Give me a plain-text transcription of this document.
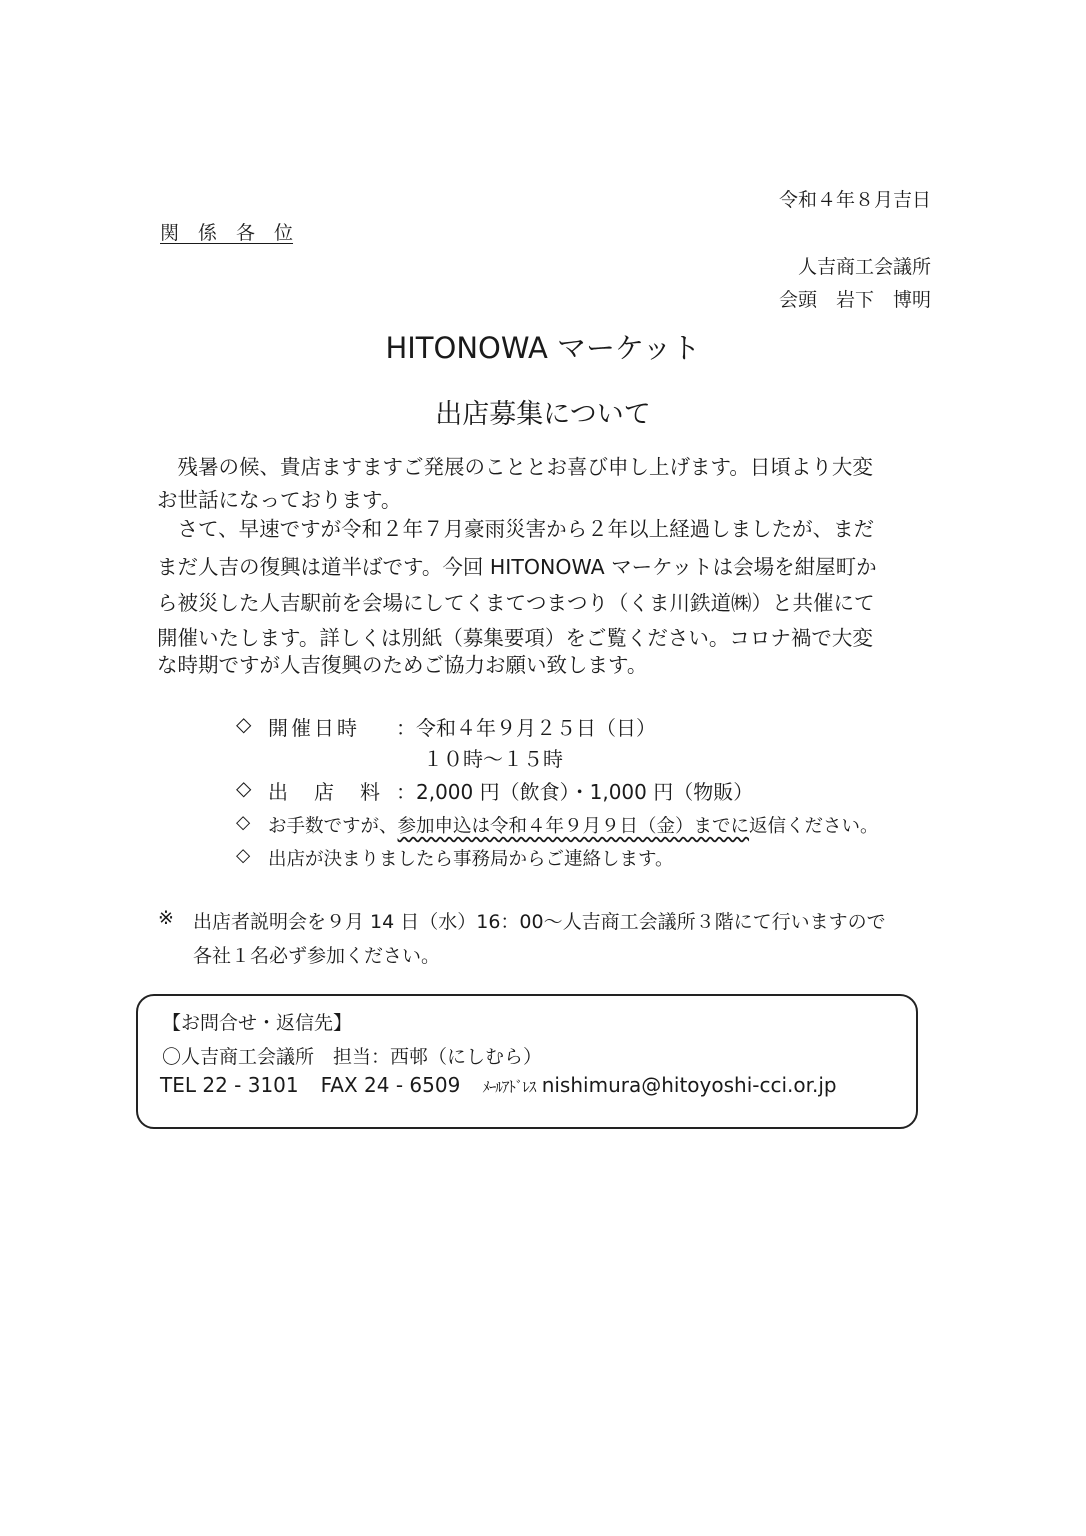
令和４年８月吉日
関　係　各　位
人吉商工会議所
会頭　岩下　博明
HITONOWA マーケット
出店募集について
　残暑の候、貴店ますますご発展のこととお喜び申し上げます。日頃より大変
お世話になっております。
　さて、早速ですが令和２年７月豪雨災害から２年以上経過しましたが、まだ
まだ人吉の復興は道半ばです。今回 HITONOWA マーケットは会場を紺屋町か
ら被災した人吉駅前を会場にしてくまてつまつり（くま川鉄道㈱）と共催にて
開催いたします。詳しくは別紙（募集要項）をご覧ください。コロナ禍で大変
な時期ですが人吉復興のためご協力お願い致します。
◇ 開催日時 ：令和４年９月２５日（日）
１０時〜１５時
◇ 出　店　料 ：2,000 円（飲食）・1,000 円（物販）
◇ お手数ですが、参加申込は令和４年９月９日（金）までに返信ください。
◇ 出店が決まりましたら事務局からご連絡します。
※ 出店者説明会を９月 14 日（水）16：00〜人吉商工会議所３階にて行いますので
各社１名必ず参加ください。
【お問合せ・返信先】
〇人吉商工会議所　担当：西邨（にしむら）
TEL 22 - 3101 FAX 24 - 6509 ﾒｰﾙｱﾄﾞﾚｽ nishimura@hitoyoshi-cci.or.jp
